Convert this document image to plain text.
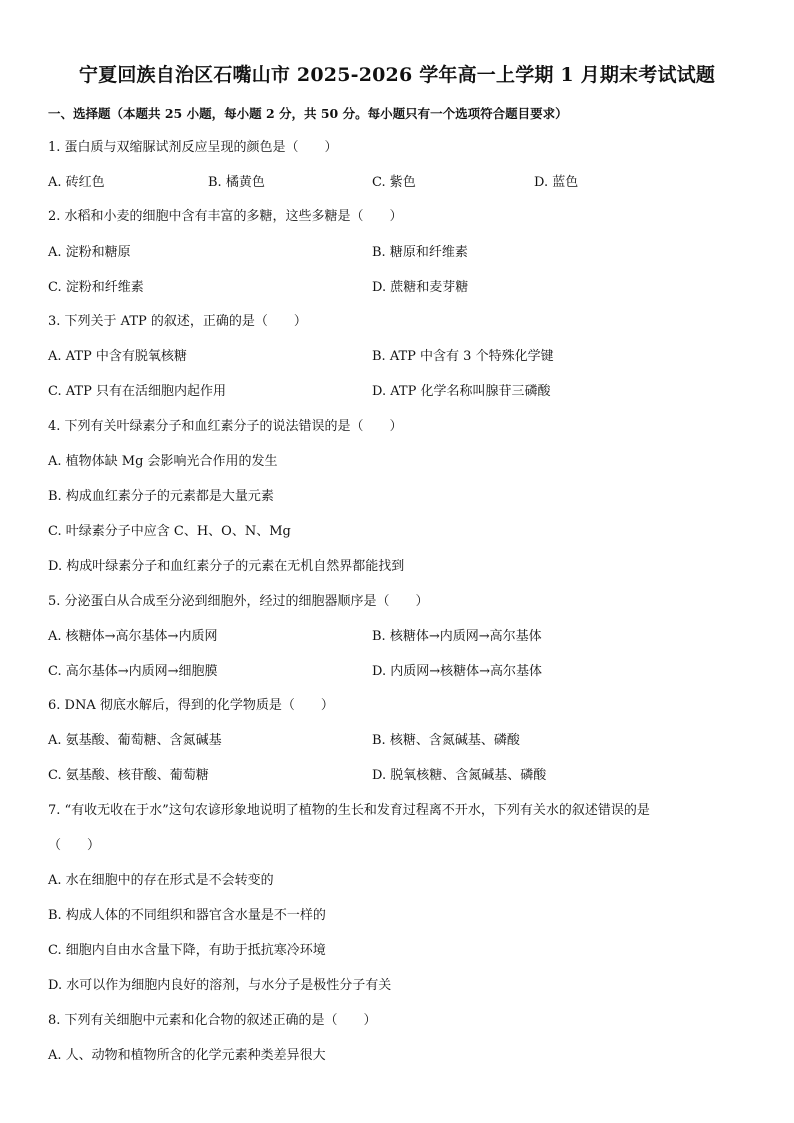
宁夏回族自治区石嘴山市 2025-2026 学年高一上学期 1 月期末考试试题
一、选择题（本题共 25 小题，每小题 2 分，共 50 分。每小题只有一个选项符合题目要求）
1. 蛋白质与双缩脲试剂反应呈现的颜色是（　　）
A. 砖红色	B. 橘黄色	C. 紫色	D. 蓝色
2. 水稻和小麦的细胞中含有丰富的多糖，这些多糖是（　　）
A. 淀粉和糖原	B. 糖原和纤维素
C. 淀粉和纤维素	D. 蔗糖和麦芽糖
3. 下列关于 ATP 的叙述，正确的是（　　）
A. ATP 中含有脱氧核糖	B. ATP 中含有 3 个特殊化学键
C. ATP 只有在活细胞内起作用	D. ATP 化学名称叫腺苷三磷酸
4. 下列有关叶绿素分子和血红素分子的说法错误的是（　　）
A. 植物体缺 Mg 会影响光合作用的发生
B. 构成血红素分子的元素都是大量元素
C. 叶绿素分子中应含 C、H、O、N、Mg
D. 构成叶绿素分子和血红素分子的元素在无机自然界都能找到
5. 分泌蛋白从合成至分泌到细胞外，经过的细胞器顺序是（　　）
A. 核糖体→高尔基体→内质网	B. 核糖体→内质网→高尔基体
C. 高尔基体→内质网→细胞膜	D. 内质网→核糖体→高尔基体
6. DNA 彻底水解后，得到的化学物质是（　　）
A. 氨基酸、葡萄糖、含氮碱基	B. 核糖、含氮碱基、磷酸
C. 氨基酸、核苷酸、葡萄糖	D. 脱氧核糖、含氮碱基、磷酸
7. “有收无收在于水”这句农谚形象地说明了植物的生长和发育过程离不开水，下列有关水的叙述错误的是
（　　）
A. 水在细胞中的存在形式是不会转变的
B. 构成人体的不同组织和器官含水量是不一样的
C. 细胞内自由水含量下降，有助于抵抗寒冷环境
D. 水可以作为细胞内良好的溶剂，与水分子是极性分子有关
8. 下列有关细胞中元素和化合物的叙述正确的是（　　）
A. 人、动物和植物所含的化学元素种类差异很大
